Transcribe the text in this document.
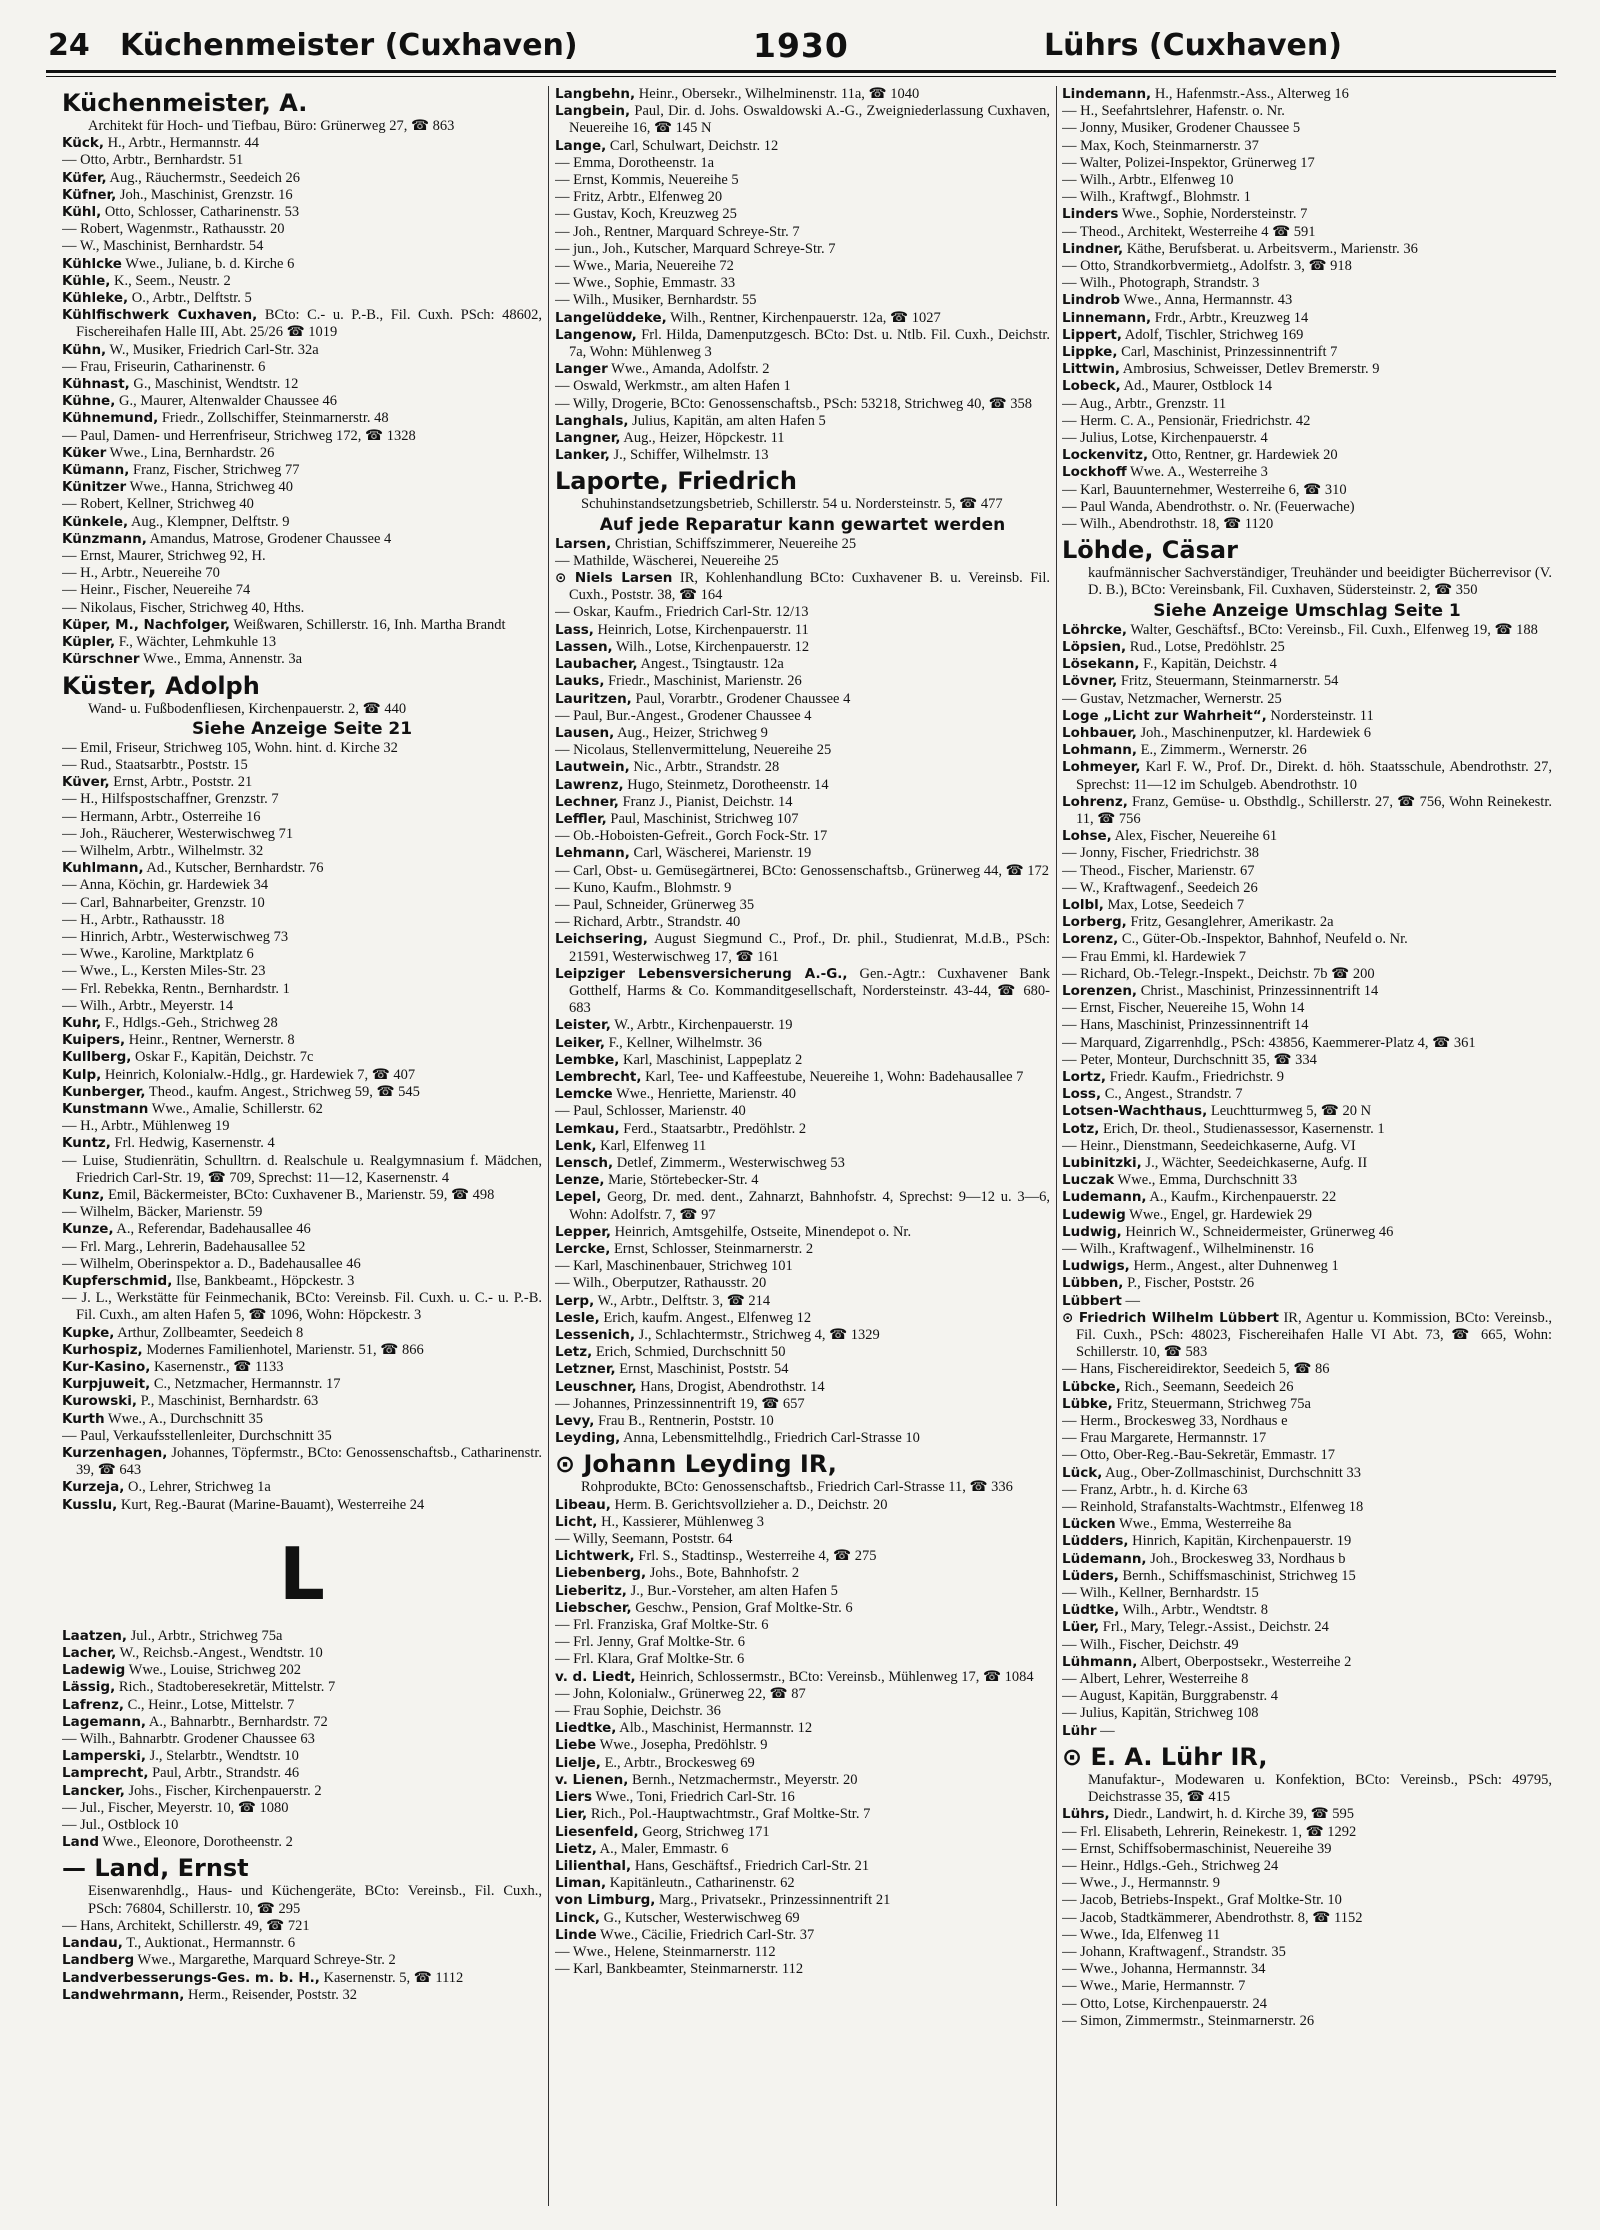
24 Küchenmeister (Cuxhaven)	1930	Lührs (Cuxhaven)
Küchenmeister, A.

Architekt für Hoch- und Tiefbau, Büro: Grünerweg 27, ☎ 863

Kück, H., Arbtr., Hermannstr. 44

— Otto, Arbtr., Bernhardstr. 51

Küfer, Aug., Räuchermstr., Seedeich 26

Küfner, Joh., Maschinist, Grenzstr. 16

Kühl, Otto, Schlosser, Catharinenstr. 53

— Robert, Wagenmstr., Rathausstr. 20

— W., Maschinist, Bernhardstr. 54

Kühlcke Wwe., Juliane, b. d. Kirche 6

Kühle, K., Seem., Neustr. 2

Kühleke, O., Arbtr., Delftstr. 5

Kühlfischwerk Cuxhaven, BCto: C.- u. P.-B., Fil. Cuxh. PSch: 48602, Fischereihafen Halle III, Abt. 25/26 ☎ 1019

Kühn, W., Musiker, Friedrich Carl-Str. 32a

— Frau, Friseurin, Catharinenstr. 6

Kühnast, G., Maschinist, Wendtstr. 12

Kühne, G., Maurer, Altenwalder Chaussee 46

Kühnemund, Friedr., Zollschiffer, Steinmarnerstr. 48

— Paul, Damen- und Herrenfriseur, Strichweg 172, ☎ 1328

Küker Wwe., Lina, Bernhardstr. 26

Kümann, Franz, Fischer, Strichweg 77

Künitzer Wwe., Hanna, Strichweg 40

— Robert, Kellner, Strichweg 40

Künkele, Aug., Klempner, Delftstr. 9

Künzmann, Amandus, Matrose, Grodener Chaussee 4

— Ernst, Maurer, Strichweg 92, H.

— H., Arbtr., Neuereihe 70

— Heinr., Fischer, Neuereihe 74

— Nikolaus, Fischer, Strichweg 40, Hths.

Küper, M., Nachfolger, Weißwaren, Schillerstr. 16, Inh. Martha Brandt

Küpler, F., Wächter, Lehmkuhle 13

Kürschner Wwe., Emma, Annenstr. 3a

Küster, Adolph

Wand- u. Fußbodenfliesen, Kirchenpauerstr. 2, ☎ 440

Siehe Anzeige Seite 21

— Emil, Friseur, Strichweg 105, Wohn. hint. d. Kirche 32

— Rud., Staatsarbtr., Poststr. 15

Küver, Ernst, Arbtr., Poststr. 21

— H., Hilfspostschaffner, Grenzstr. 7

— Hermann, Arbtr., Osterreihe 16

— Joh., Räucherer, Westerwischweg 71

— Wilhelm, Arbtr., Wilhelmstr. 32

Kuhlmann, Ad., Kutscher, Bernhardstr. 76

— Anna, Köchin, gr. Hardewiek 34

— Carl, Bahnarbeiter, Grenzstr. 10

— H., Arbtr., Rathausstr. 18

— Hinrich, Arbtr., Westerwischweg 73

— Wwe., Karoline, Marktplatz 6

— Wwe., L., Kersten Miles-Str. 23

— Frl. Rebekka, Rentn., Bernhardstr. 1

— Wilh., Arbtr., Meyerstr. 14

Kuhr, F., Hdlgs.-Geh., Strichweg 28

Kuipers, Heinr., Rentner, Wernerstr. 8

Kullberg, Oskar F., Kapitän, Deichstr. 7c

Kulp, Heinrich, Kolonialw.-Hdlg., gr. Hardewiek 7, ☎ 407

Kunberger, Theod., kaufm. Angest., Strichweg 59, ☎ 545

Kunstmann Wwe., Amalie, Schillerstr. 62

— H., Arbtr., Mühlenweg 19

Kuntz, Frl. Hedwig, Kasernenstr. 4

— Luise, Studienrätin, Schulltrn. d. Realschule u. Realgymnasium f. Mädchen, Friedrich Carl-Str. 19, ☎ 709, Sprechst: 11—12, Kasernenstr. 4

Kunz, Emil, Bäckermeister, BCto: Cuxhavener B., Marienstr. 59, ☎ 498

— Wilhelm, Bäcker, Marienstr. 59

Kunze, A., Referendar, Badehausallee 46

— Frl. Marg., Lehrerin, Badehausallee 52

— Wilhelm, Oberinspektor a. D., Badehausallee 46

Kupferschmid, Ilse, Bankbeamt., Höpckestr. 3

— J. L., Werkstätte für Feinmechanik, BCto: Vereinsb. Fil. Cuxh. u. C.- u. P.-B. Fil. Cuxh., am alten Hafen 5, ☎ 1096, Wohn: Höpckestr. 3

Kupke, Arthur, Zollbeamter, Seedeich 8

Kurhospiz, Modernes Familienhotel, Marienstr. 51, ☎ 866

Kur-Kasino, Kasernenstr., ☎ 1133

Kurpjuweit, C., Netzmacher, Hermannstr. 17

Kurowski, P., Maschinist, Bernhardstr. 63

Kurth Wwe., A., Durchschnitt 35

— Paul, Verkaufsstellenleiter, Durchschnitt 35

Kurzenhagen, Johannes, Töpfermstr., BCto: Genossenschaftsb., Catharinenstr. 39, ☎ 643

Kurzeja, O., Lehrer, Strichweg 1a

Kusslu, Kurt, Reg.-Baurat (Marine-Bauamt), Westerreihe 24

L

Laatzen, Jul., Arbtr., Strichweg 75a

Lacher, W., Reichsb.-Angest., Wendtstr. 10

Ladewig Wwe., Louise, Strichweg 202

Lässig, Rich., Stadtoberesekretär, Mittelstr. 7

Lafrenz, C., Heinr., Lotse, Mittelstr. 7

Lagemann, A., Bahnarbtr., Bernhardstr. 72

— Wilh., Bahnarbtr. Grodener Chaussee 63

Lamperski, J., Stelarbtr., Wendtstr. 10

Lamprecht, Paul, Arbtr., Strandstr. 46

Lancker, Johs., Fischer, Kirchenpauerstr. 2

— Jul., Fischer, Meyerstr. 10, ☎ 1080

— Jul., Ostblock 10

Land Wwe., Eleonore, Dorotheenstr. 2

— Land, Ernst

Eisenwarenhdlg., Haus- und Küchengeräte, BCto: Vereinsb., Fil. Cuxh., PSch: 76804, Schillerstr. 10, ☎ 295

— Hans, Architekt, Schillerstr. 49, ☎ 721

Landau, T., Auktionat., Hermannstr. 6

Landberg Wwe., Margarethe, Marquard Schreye-Str. 2

Landverbesserungs-Ges. m. b. H., Kasernenstr. 5, ☎ 1112

Landwehrmann, Herm., Reisender, Poststr. 32

Langbehn, Heinr., Obersekr., Wilhelminenstr. 11a, ☎ 1040

Langbein, Paul, Dir. d. Johs. Oswaldowski A.-G., Zweigniederlassung Cuxhaven, Neuereihe 16, ☎ 145 N

Lange, Carl, Schulwart, Deichstr. 12

— Emma, Dorotheenstr. 1a

— Ernst, Kommis, Neuereihe 5

— Fritz, Arbtr., Elfenweg 20

— Gustav, Koch, Kreuzweg 25

— Joh., Rentner, Marquard Schreye-Str. 7

— jun., Joh., Kutscher, Marquard Schreye-Str. 7

— Wwe., Maria, Neuereihe 72

— Wwe., Sophie, Emmastr. 33

— Wilh., Musiker, Bernhardstr. 55

Langelüddeke, Wilh., Rentner, Kirchenpauerstr. 12a, ☎ 1027

Langenow, Frl. Hilda, Damenputzgesch. BCto: Dst. u. Ntlb. Fil. Cuxh., Deichstr. 7a, Wohn: Mühlenweg 3

Langer Wwe., Amanda, Adolfstr. 2

— Oswald, Werkmstr., am alten Hafen 1

— Willy, Drogerie, BCto: Genossenschaftsb., PSch: 53218, Strichweg 40, ☎ 358

Langhals, Julius, Kapitän, am alten Hafen 5

Langner, Aug., Heizer, Höpckestr. 11

Lanker, J., Schiffer, Wilhelmstr. 13

Laporte, Friedrich

Schuhinstandsetzungsbetrieb, Schillerstr. 54 u. Nordersteinstr. 5, ☎ 477

Auf jede Reparatur kann gewartet werden

Larsen, Christian, Schiffszimmerer, Neuereihe 25

— Mathilde, Wäscherei, Neuereihe 25

⊙ Niels Larsen IR, Kohlenhandlung BCto: Cuxhavener B. u. Vereinsb. Fil. Cuxh., Poststr. 38, ☎ 164

— Oskar, Kaufm., Friedrich Carl-Str. 12/13

Lass, Heinrich, Lotse, Kirchenpauerstr. 11

Lassen, Wilh., Lotse, Kirchenpauerstr. 12

Laubacher, Angest., Tsingtaustr. 12a

Lauks, Friedr., Maschinist, Marienstr. 26

Lauritzen, Paul, Vorarbtr., Grodener Chaussee 4

— Paul, Bur.-Angest., Grodener Chaussee 4

Lausen, Aug., Heizer, Strichweg 9

— Nicolaus, Stellenvermittelung, Neuereihe 25

Lautwein, Nic., Arbtr., Strandstr. 28

Lawrenz, Hugo, Steinmetz, Dorotheenstr. 14

Lechner, Franz J., Pianist, Deichstr. 14

Leffler, Paul, Maschinist, Strichweg 107

— Ob.-Hoboisten-Gefreit., Gorch Fock-Str. 17

Lehmann, Carl, Wäscherei, Marienstr. 19

— Carl, Obst- u. Gemüsegärtnerei, BCto: Genossenschaftsb., Grünerweg 44, ☎ 172

— Kuno, Kaufm., Blohmstr. 9

— Paul, Schneider, Grünerweg 35

— Richard, Arbtr., Strandstr. 40

Leichsering, August Siegmund C., Prof., Dr. phil., Studienrat, M.d.B., PSch: 21591, Westerwischweg 17, ☎ 161

Leipziger Lebensversicherung A.-G., Gen.-Agtr.: Cuxhavener Bank Gotthelf, Harms & Co. Kommanditgesellschaft, Nordersteinstr. 43-44, ☎ 680-683

Leister, W., Arbtr., Kirchenpauerstr. 19

Leiker, F., Kellner, Wilhelmstr. 36

Lembke, Karl, Maschinist, Lappeplatz 2

Lembrecht, Karl, Tee- und Kaffeestube, Neuereihe 1, Wohn: Badehausallee 7

Lemcke Wwe., Henriette, Marienstr. 40

— Paul, Schlosser, Marienstr. 40

Lemkau, Ferd., Staatsarbtr., Predöhlstr. 2

Lenk, Karl, Elfenweg 11

Lensch, Detlef, Zimmerm., Westerwischweg 53

Lenze, Marie, Störtebecker-Str. 4

Lepel, Georg, Dr. med. dent., Zahnarzt, Bahnhofstr. 4, Sprechst: 9—12 u. 3—6, Wohn: Adolfstr. 7, ☎ 97

Lepper, Heinrich, Amtsgehilfe, Ostseite, Minendepot o. Nr.

Lercke, Ernst, Schlosser, Steinmarnerstr. 2

— Karl, Maschinenbauer, Strichweg 101

— Wilh., Oberputzer, Rathausstr. 20

Lerp, W., Arbtr., Delftstr. 3, ☎ 214

Lesle, Erich, kaufm. Angest., Elfenweg 12

Lessenich, J., Schlachtermstr., Strichweg 4, ☎ 1329

Letz, Erich, Schmied, Durchschnitt 50

Letzner, Ernst, Maschinist, Poststr. 54

Leuschner, Hans, Drogist, Abendrothstr. 14

— Johannes, Prinzessinnentrift 19, ☎ 657

Levy, Frau B., Rentnerin, Poststr. 10

Leyding, Anna, Lebensmittelhdlg., Friedrich Carl-Strasse 10

⊙ Johann Leyding IR,

Rohprodukte, BCto: Genossenschaftsb., Friedrich Carl-Strasse 11, ☎ 336

Libeau, Herm. B. Gerichtsvollzieher a. D., Deichstr. 20

Licht, H., Kassierer, Mühlenweg 3

— Willy, Seemann, Poststr. 64

Lichtwerk, Frl. S., Stadtinsp., Westerreihe 4, ☎ 275

Liebenberg, Johs., Bote, Bahnhofstr. 2

Lieberitz, J., Bur.-Vorsteher, am alten Hafen 5

Liebscher, Geschw., Pension, Graf Moltke-Str. 6

— Frl. Franziska, Graf Moltke-Str. 6

— Frl. Jenny, Graf Moltke-Str. 6

— Frl. Klara, Graf Moltke-Str. 6

v. d. Liedt, Heinrich, Schlossermstr., BCto: Vereinsb., Mühlenweg 17, ☎ 1084

— John, Kolonialw., Grünerweg 22, ☎ 87

— Frau Sophie, Deichstr. 36

Liedtke, Alb., Maschinist, Hermannstr. 12

Liebe Wwe., Josepha, Predöhlstr. 9

Lielje, E., Arbtr., Brockesweg 69

v. Lienen, Bernh., Netzmachermstr., Meyerstr. 20

Liers Wwe., Toni, Friedrich Carl-Str. 16

Lier, Rich., Pol.-Hauptwachtmstr., Graf Moltke-Str. 7

Liesenfeld, Georg, Strichweg 171

Lietz, A., Maler, Emmastr. 6

Lilienthal, Hans, Geschäftsf., Friedrich Carl-Str. 21

Liman, Kapitänleutn., Catharinenstr. 62

von Limburg, Marg., Privatsekr., Prinzessinnentrift 21

Linck, G., Kutscher, Westerwischweg 69

Linde Wwe., Cäcilie, Friedrich Carl-Str. 37

— Wwe., Helene, Steinmarnerstr. 112

— Karl, Bankbeamter, Steinmarnerstr. 112

Lindemann, H., Hafenmstr.-Ass., Alterweg 16

— H., Seefahrtslehrer, Hafenstr. o. Nr.

— Jonny, Musiker, Grodener Chaussee 5

— Max, Koch, Steinmarnerstr. 37

— Walter, Polizei-Inspektor, Grünerweg 17

— Wilh., Arbtr., Elfenweg 10

— Wilh., Kraftwgf., Blohmstr. 1

Linders Wwe., Sophie, Nordersteinstr. 7

— Theod., Architekt, Westerreihe 4 ☎ 591

Lindner, Käthe, Berufsberat. u. Arbeitsverm., Marienstr. 36

— Otto, Strandkorbvermietg., Adolfstr. 3, ☎ 918

— Wilh., Photograph, Strandstr. 3

Lindrob Wwe., Anna, Hermannstr. 43

Linnemann, Frdr., Arbtr., Kreuzweg 14

Lippert, Adolf, Tischler, Strichweg 169

Lippke, Carl, Maschinist, Prinzessinnentrift 7

Littwin, Ambrosius, Schweisser, Detlev Bremerstr. 9

Lobeck, Ad., Maurer, Ostblock 14

— Aug., Arbtr., Grenzstr. 11

— Herm. C. A., Pensionär, Friedrichstr. 42

— Julius, Lotse, Kirchenpauerstr. 4

Lockenvitz, Otto, Rentner, gr. Hardewiek 20

Lockhoff Wwe. A., Westerreihe 3

— Karl, Bauunternehmer, Westerreihe 6, ☎ 310

— Paul Wanda, Abendrothstr. o. Nr. (Feuerwache)

— Wilh., Abendrothstr. 18, ☎ 1120

Löhde, Cäsar

kaufmännischer Sachverständiger, Treuhänder und beeidigter Bücherrevisor (V. D. B.), BCto: Vereinsbank, Fil. Cuxhaven, Südersteinstr. 2, ☎ 350

Siehe Anzeige Umschlag Seite 1

Löhrcke, Walter, Geschäftsf., BCto: Vereinsb., Fil. Cuxh., Elfenweg 19, ☎ 188

Löpsien, Rud., Lotse, Predöhlstr. 25

Lösekann, F., Kapitän, Deichstr. 4

Lövner, Fritz, Steuermann, Steinmarnerstr. 54

— Gustav, Netzmacher, Wernerstr. 25

Loge „Licht zur Wahrheit“, Nordersteinstr. 11

Lohbauer, Joh., Maschinenputzer, kl. Hardewiek 6

Lohmann, E., Zimmerm., Wernerstr. 26

Lohmeyer, Karl F. W., Prof. Dr., Direkt. d. höh. Staatsschule, Abendrothstr. 27, Sprechst: 11—12 im Schulgeb. Abendrothstr. 10

Lohrenz, Franz, Gemüse- u. Obsthdlg., Schillerstr. 27, ☎ 756, Wohn Reinekestr. 11, ☎ 756

Lohse, Alex, Fischer, Neuereihe 61

— Jonny, Fischer, Friedrichstr. 38

— Theod., Fischer, Marienstr. 67

— W., Kraftwagenf., Seedeich 26

Lolbl, Max, Lotse, Seedeich 7

Lorberg, Fritz, Gesanglehrer, Amerikastr. 2a

Lorenz, C., Güter-Ob.-Inspektor, Bahnhof, Neufeld o. Nr.

— Frau Emmi, kl. Hardewiek 7

— Richard, Ob.-Telegr.-Inspekt., Deichstr. 7b ☎ 200

Lorenzen, Christ., Maschinist, Prinzessinnentrift 14

— Ernst, Fischer, Neuereihe 15, Wohn 14

— Hans, Maschinist, Prinzessinnentrift 14

— Marquard, Zigarrenhdlg., PSch: 43856, Kaemmerer-Platz 4, ☎ 361

— Peter, Monteur, Durchschnitt 35, ☎ 334

Lortz, Friedr. Kaufm., Friedrichstr. 9

Loss, C., Angest., Strandstr. 7

Lotsen-Wachthaus, Leuchtturmweg 5, ☎ 20 N

Lotz, Erich, Dr. theol., Studienassessor, Kasernenstr. 1

— Heinr., Dienstmann, Seedeichkaserne, Aufg. VI

Lubinitzki, J., Wächter, Seedeichkaserne, Aufg. II

Luczak Wwe., Emma, Durchschnitt 33

Ludemann, A., Kaufm., Kirchenpauerstr. 22

Ludewig Wwe., Engel, gr. Hardewiek 29

Ludwig, Heinrich W., Schneidermeister, Grünerweg 46

— Wilh., Kraftwagenf., Wilhelminenstr. 16

Ludwigs, Herm., Angest., alter Duhnenweg 1

Lübben, P., Fischer, Poststr. 26

Lübbert —

⊙ Friedrich Wilhelm Lübbert IR, Agentur u. Kommission, BCto: Vereinsb., Fil. Cuxh., PSch: 48023, Fischereihafen Halle VI Abt. 73, ☎ 665, Wohn: Schillerstr. 10, ☎ 583

— Hans, Fischereidirektor, Seedeich 5, ☎ 86

Lübcke, Rich., Seemann, Seedeich 26

Lübke, Fritz, Steuermann, Strichweg 75a

— Herm., Brockesweg 33, Nordhaus e

— Frau Margarete, Hermannstr. 17

— Otto, Ober-Reg.-Bau-Sekretär, Emmastr. 17

Lück, Aug., Ober-Zollmaschinist, Durchschnitt 33

— Franz, Arbtr., h. d. Kirche 63

— Reinhold, Strafanstalts-Wachtmstr., Elfenweg 18

Lücken Wwe., Emma, Westerreihe 8a

Lüdders, Hinrich, Kapitän, Kirchenpauerstr. 19

Lüdemann, Joh., Brockesweg 33, Nordhaus b

Lüders, Bernh., Schiffsmaschinist, Strichweg 15

— Wilh., Kellner, Bernhardstr. 15

Lüdtke, Wilh., Arbtr., Wendtstr. 8

Lüer, Frl., Mary, Telegr.-Assist., Deichstr. 24

— Wilh., Fischer, Deichstr. 49

Lühmann, Albert, Oberpostsekr., Westerreihe 2

— Albert, Lehrer, Westerreihe 8

— August, Kapitän, Burggrabenstr. 4

— Julius, Kapitän, Strichweg 108

Lühr —

⊙ E. A. Lühr IR,

Manufaktur-, Modewaren u. Konfektion, BCto: Vereinsb., PSch: 49795, Deichstrasse 35, ☎ 415

Lührs, Diedr., Landwirt, h. d. Kirche 39, ☎ 595

— Frl. Elisabeth, Lehrerin, Reinekestr. 1, ☎ 1292

— Ernst, Schiffsobermaschinist, Neuereihe 39

— Heinr., Hdlgs.-Geh., Strichweg 24

— Wwe., J., Hermannstr. 9

— Jacob, Betriebs-Inspekt., Graf Moltke-Str. 10

— Jacob, Stadtkämmerer, Abendrothstr. 8, ☎ 1152

— Wwe., Ida, Elfenweg 11

— Johann, Kraftwagenf., Strandstr. 35

— Wwe., Johanna, Hermannstr. 34

— Wwe., Marie, Hermannstr. 7

— Otto, Lotse, Kirchenpauerstr. 24

— Simon, Zimmermstr., Steinmarnerstr. 26
